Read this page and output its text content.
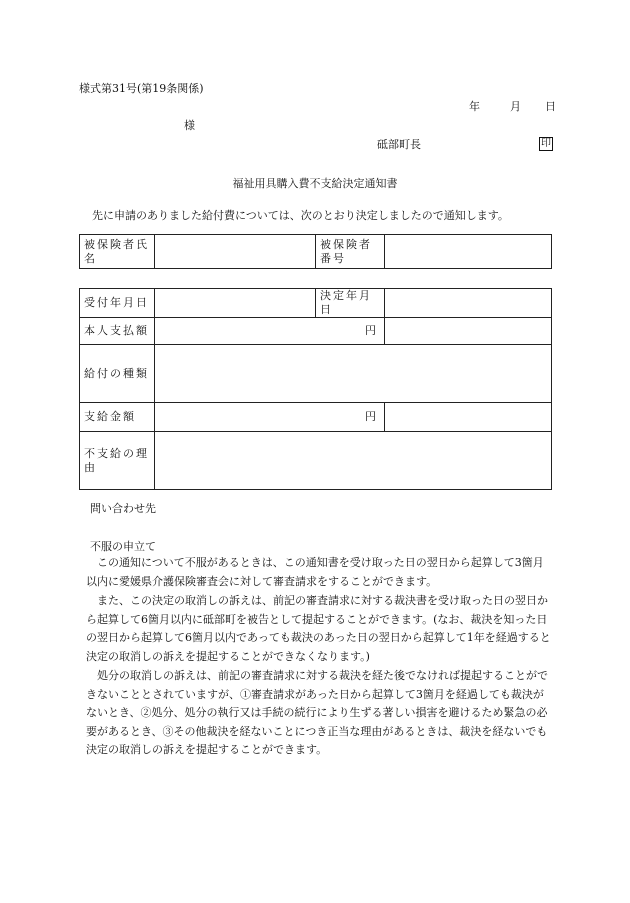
様式第31号(第19条関係)
年	月 日
様
砥部町長	印
福祉用具購入費不支給決定通知書
先に申請のありました給付費については、次のとおり決定しましたので通知します。
被保険者氏名		被保険者番号	
受付年月日		決定年月日	
本人支払額	円		
給付の種類			
支給金額	円		
不支給の理由			
問い合わせ先
不服の申立て

この通知について不服があるときは、この通知書を受け取った日の翌日から起算して3箇月以内に愛媛県介護保険審査会に対して審査請求をすることができます。

また、この決定の取消しの訴えは、前記の審査請求に対する裁決書を受け取った日の翌日から起算して6箇月以内に砥部町を被告として提起することができます。(なお、裁決を知った日の翌日から起算して6箇月以内であっても裁決のあった日の翌日から起算して1年を経過すると決定の取消しの訴えを提起することができなくなります。)

処分の取消しの訴えは、前記の審査請求に対する裁決を経た後でなければ提起することができないこととされていますが、①審査請求があった日から起算して3箇月を経過しても裁決がないとき、②処分、処分の執行又は手続の続行により生ずる著しい損害を避けるため緊急の必要があるとき、③その他裁決を経ないことにつき正当な理由があるときは、裁決を経ないでも決定の取消しの訴えを提起することができます。
